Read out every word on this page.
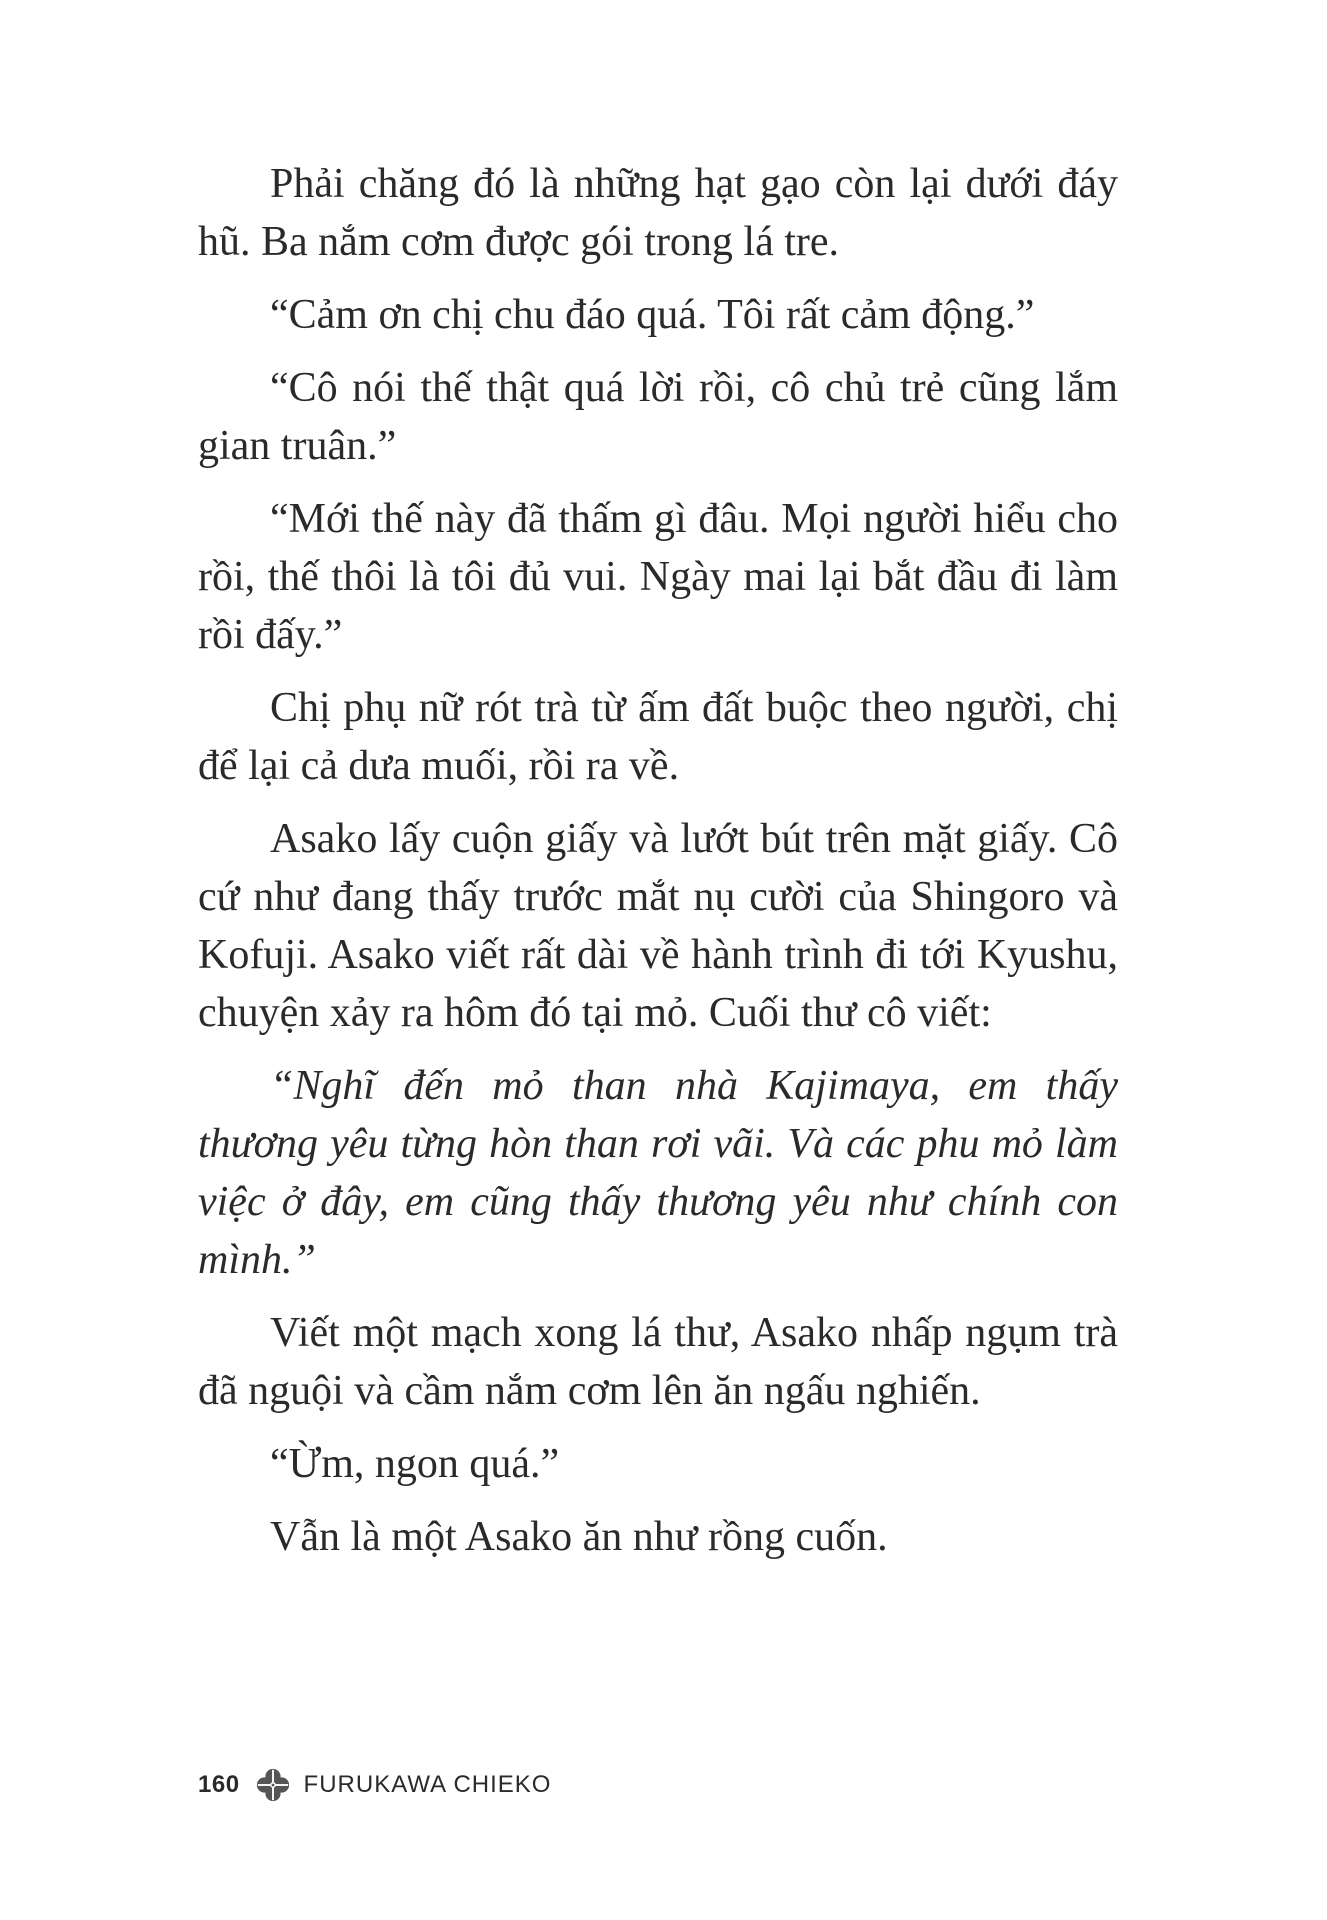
Phải chăng đó là những hạt gạo còn lại dưới đáy hũ. Ba nắm cơm được gói trong lá tre.

“Cảm ơn chị chu đáo quá. Tôi rất cảm động.”

“Cô nói thế thật quá lời rồi, cô chủ trẻ cũng lắm gian truân.”

“Mới thế này đã thấm gì đâu. Mọi người hiểu cho rồi, thế thôi là tôi đủ vui. Ngày mai lại bắt đầu đi làm rồi đấy.”

Chị phụ nữ rót trà từ ấm đất buộc theo người, chị để lại cả dưa muối, rồi ra về.

Asako lấy cuộn giấy và lướt bút trên mặt giấy. Cô cứ như đang thấy trước mắt nụ cười của Shingoro và Kofuji. Asako viết rất dài về hành trình đi tới Kyushu, chuyện xảy ra hôm đó tại mỏ. Cuối thư cô viết:

“Nghĩ đến mỏ than nhà Kajimaya, em thấy thương yêu từng hòn than rơi vãi. Và các phu mỏ làm việc ở đây, em cũng thấy thương yêu như chính con mình.”

Viết một mạch xong lá thư, Asako nhấp ngụm trà đã nguội và cầm nắm cơm lên ăn ngấu nghiến.

“Ừm, ngon quá.”

Vẫn là một Asako ăn như rồng cuốn.

160	FURUKAWA CHIEKO
